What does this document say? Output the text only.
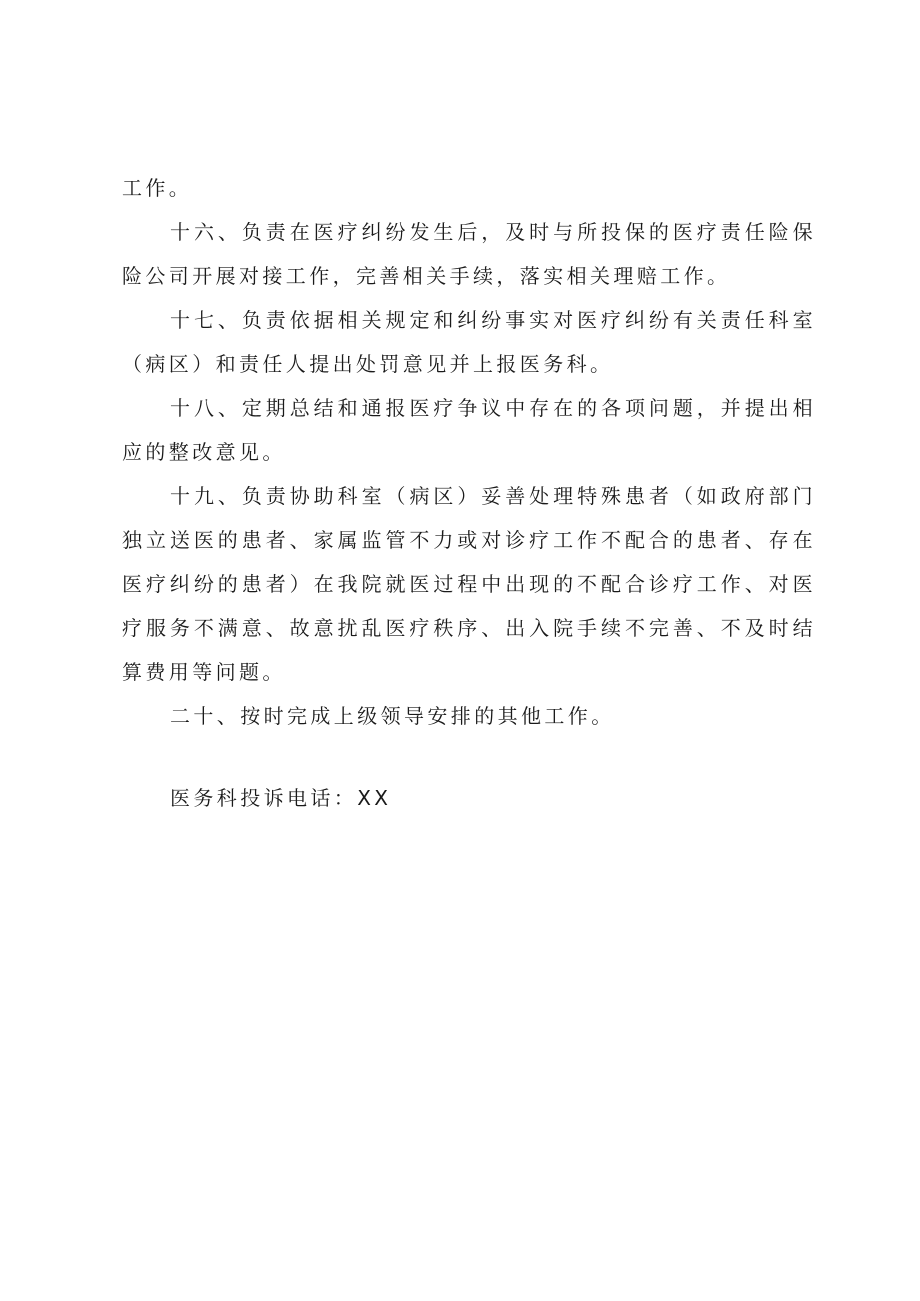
工作。

十六、负责在医疗纠纷发生后，及时与所投保的医疗责任险保险公司开展对接工作，完善相关手续，落实相关理赔工作。

十七、负责依据相关规定和纠纷事实对医疗纠纷有关责任科室（病区）和责任人提出处罚意见并上报医务科。

十八、定期总结和通报医疗争议中存在的各项问题，并提出相应的整改意见。

十九、负责协助科室（病区）妥善处理特殊患者（如政府部门独立送医的患者、家属监管不力或对诊疗工作不配合的患者、存在医疗纠纷的患者）在我院就医过程中出现的不配合诊疗工作、对医疗服务不满意、故意扰乱医疗秩序、出入院手续不完善、不及时结算费用等问题。

二十、按时完成上级领导安排的其他工作。

医务科投诉电话：XX
